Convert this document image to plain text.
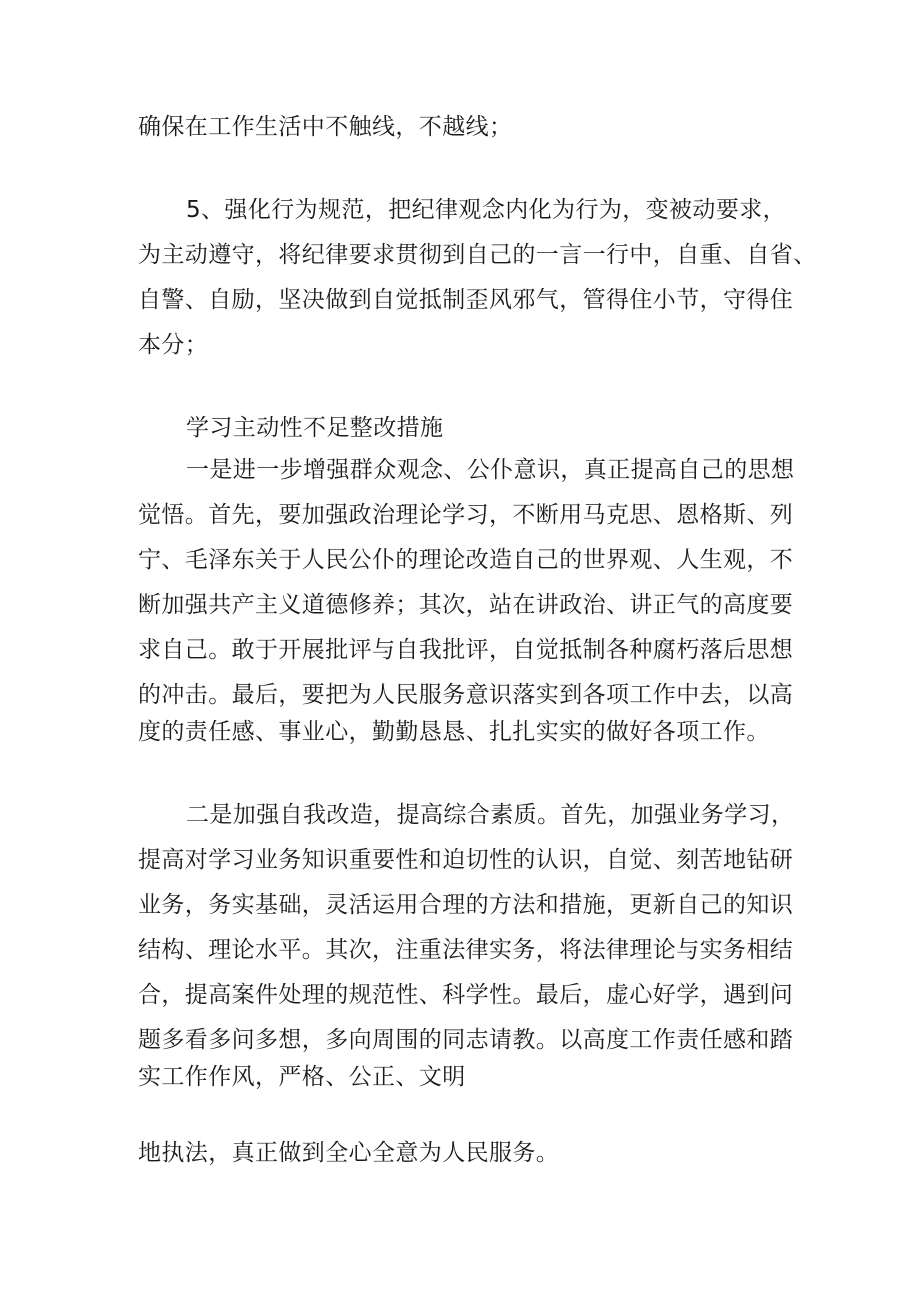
确保在工作生活中不触线，不越线；
5、强化行为规范，把纪律观念内化为行为，变被动要求，
为主动遵守，将纪律要求贯彻到自己的一言一行中，自重、自省、
自警、自励，坚决做到自觉抵制歪风邪气，管得住小节，守得住
本分；
学习主动性不足整改措施
一是进一步增强群众观念、公仆意识，真正提高自己的思想
觉悟。首先，要加强政治理论学习，不断用马克思、恩格斯、列
宁、毛泽东关于人民公仆的理论改造自己的世界观、人生观，不
断加强共产主义道德修养；其次，站在讲政治、讲正气的高度要
求自己。敢于开展批评与自我批评，自觉抵制各种腐朽落后思想
的冲击。最后，要把为人民服务意识落实到各项工作中去，以高
度的责任感、事业心，勤勤恳恳、扎扎实实的做好各项工作。
二是加强自我改造，提高综合素质。首先，加强业务学习，
提高对学习业务知识重要性和迫切性的认识，自觉、刻苦地钻研
业务，务实基础，灵活运用合理的方法和措施，更新自己的知识
结构、理论水平。其次，注重法律实务，将法律理论与实务相结
合，提高案件处理的规范性、科学性。最后，虚心好学，遇到问
题多看多问多想，多向周围的同志请教。以高度工作责任感和踏
实工作作风，严格、公正、文明
地执法，真正做到全心全意为人民服务。
